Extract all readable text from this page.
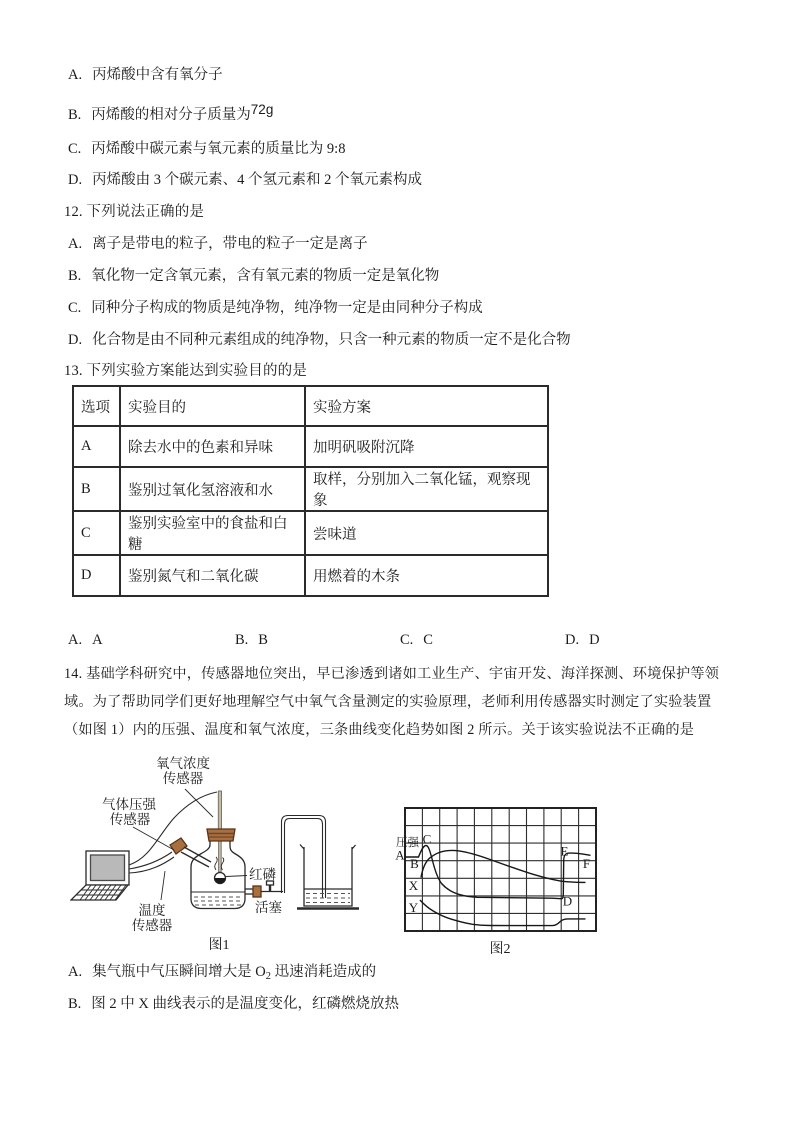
A. 丙烯酸中含有氧分子
B. 丙烯酸的相对分子质量为72g
C. 丙烯酸中碳元素与氧元素的质量比为 9:8
D. 丙烯酸由 3 个碳元素、4 个氢元素和 2 个氧元素构成
12. 下列说法正确的是
A. 离子是带电的粒子，带电的粒子一定是离子
B. 氧化物一定含氧元素，含有氧元素的物质一定是氧化物
C. 同种分子构成的物质是纯净物，纯净物一定是由同种分子构成
D. 化合物是由不同种元素组成的纯净物，只含一种元素的物质一定不是化合物
13. 下列实验方案能达到实验目的的是
选项	实验目的	实验方案
A	除去水中的色素和异味	加明矾吸附沉降
B	鉴别过氧化氢溶液和水	取样，分别加入二氧化锰，观察现象
C	鉴别实验室中的食盐和白糖	尝味道
D	鉴别氮气和二氧化碳	用燃着的木条
A. A	B. B	C. C	D. D
14. 基础学科研究中，传感器地位突出，早已渗透到诸如工业生产、宇宙开发、海洋探测、环境保护等领
域。为了帮助同学们更好地理解空气中氧气含量测定的实验原理，老师利用传感器实时测定了实验装置
（如图 1）内的压强、温度和氧气浓度，三条曲线变化趋势如图 2 所示。关于该实验说法不正确的是
氧气浓度
传感器
气体压强
传感器
温度
传感器
红磷
活塞
图1
压强
A
B
C
X
Y
E
F
D
图2
A. 集气瓶中气压瞬间增大是 $O_2$ 迅速消耗造成的
B. 图 2 中 X 曲线表示的是温度变化，红磷燃烧放热
